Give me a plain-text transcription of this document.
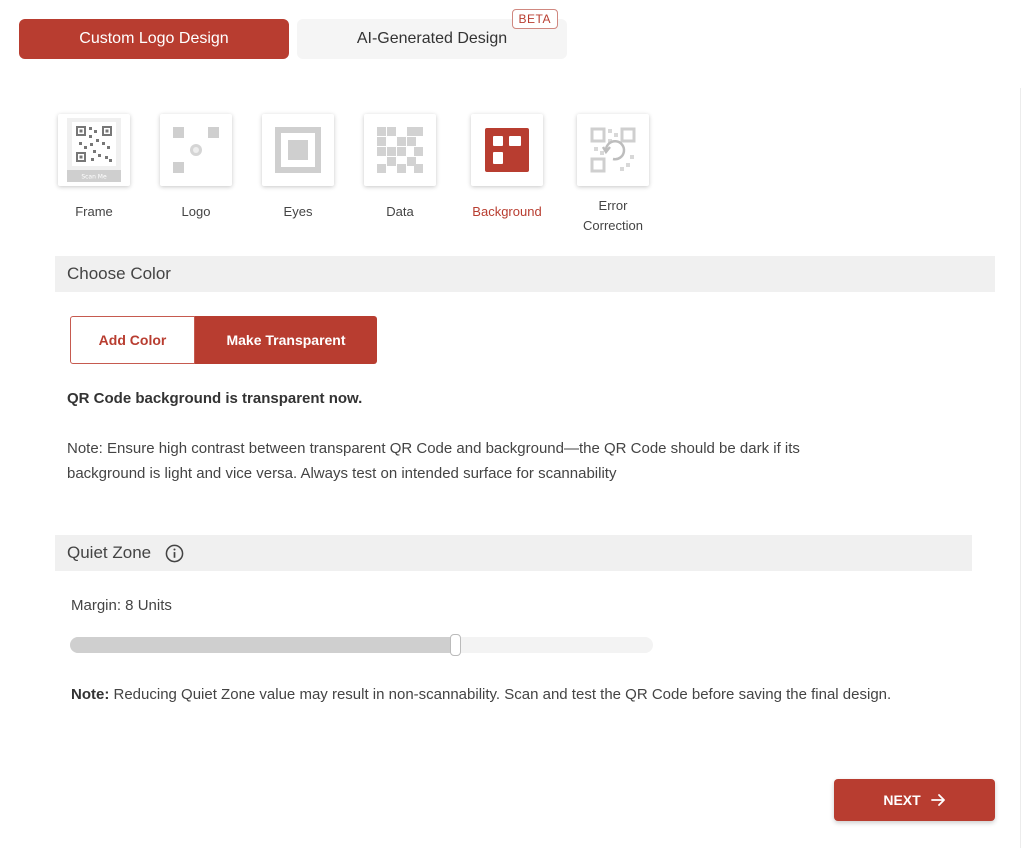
Custom Logo Design	AI-Generated Design
BETA
Scan Me
Frame	Logo	Eyes	Data	Background	Error Correction
Choose Color
Add Color	Make Transparent
QR Code background is transparent now.
Note: Ensure high contrast between transparent QR Code and background—the QR Code should be dark if its background is light and vice versa. Always test on intended surface for scannability
Quiet Zone
Margin: 8 Units
Note: Reducing Quiet Zone value may result in non-scannability. Scan and test the QR Code before saving the final design.
NEXT
